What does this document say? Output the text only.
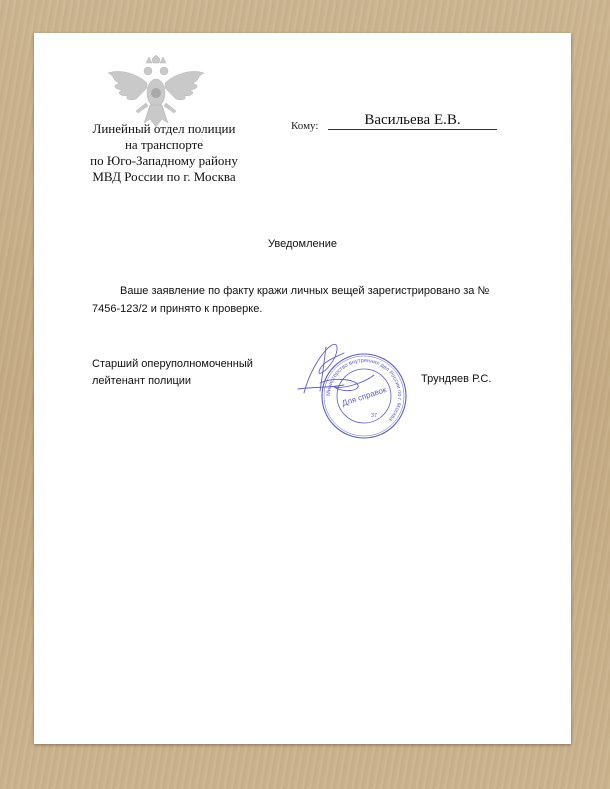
Линейный отдел полиции
на транспорте
по Юго-Западному району
МВД России по г. Москва
Кому:	Васильева Е.В.
Уведомление
Ваше заявление по факту кражи личных вещей зарегистрировано за № 7456-123/2 и принято к проверке.
Старший оперуполномоченный
лейтенант полиции	Трундяев Р.С.
Министерство внутренних дел России по г. Москва
Для справок
37
